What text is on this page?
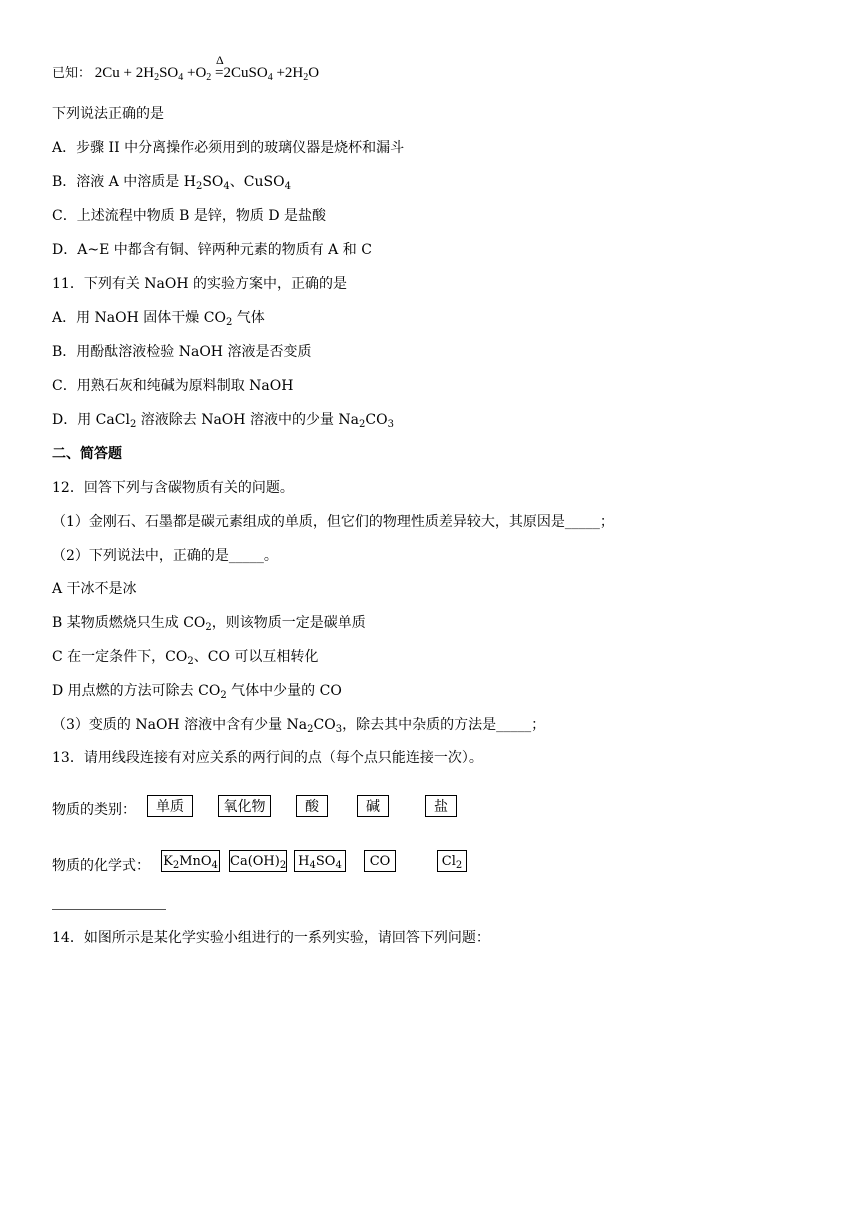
已知： $2Cu + 2H_2SO_4 +O_2$
Δ
=2CuSO$_4$ $+2H_2O$
下列说法正确的是
A．步骤 II 中分离操作必须用到的玻璃仪器是烧杯和漏斗
B．溶液 A 中溶质是 $H_2SO_4$、CuSO$_4$
C．上述流程中物质 B 是锌，物质 D 是盐酸
D．A~E 中都含有铜、锌两种元素的物质有 A 和 C
11．下列有关 NaOH 的实验方案中，正确的是
A．用 NaOH 固体干燥 $CO_2$ 气体
B．用酚酞溶液检验 NaOH 溶液是否变质
C．用熟石灰和纯碱为原料制取 NaOH
D．用 CaCl$_2$ 溶液除去 NaOH 溶液中的少量 $Na_2CO_3$
二、简答题
12．回答下列与含碳物质有关的问题。
（1）金刚石、石墨都是碳元素组成的单质，但它们的物理性质差异较大，其原因是_____；
（2）下列说法中，正确的是_____。
A 干冰不是冰
B 某物质燃烧只生成 $CO_2$，则该物质一定是碳单质
C 在一定条件下，$CO_2$、CO 可以互相转化
D 用点燃的方法可除去 $CO_2$ 气体中少量的 CO
（3）变质的 NaOH 溶液中含有少量 $Na_2CO_3$，除去其中杂质的方法是_____；
13．请用线段连接有对应关系的两行间的点（每个点只能连接一次）。
物质的类别：	单质	氧化物	酸	碱	盐
物质的化学式： $K_2MnO_4$ $Ca(OH)_2$ $H_4SO_4$	CO	$Cl_2$
14．如图所示是某化学实验小组进行的一系列实验，请回答下列问题：
